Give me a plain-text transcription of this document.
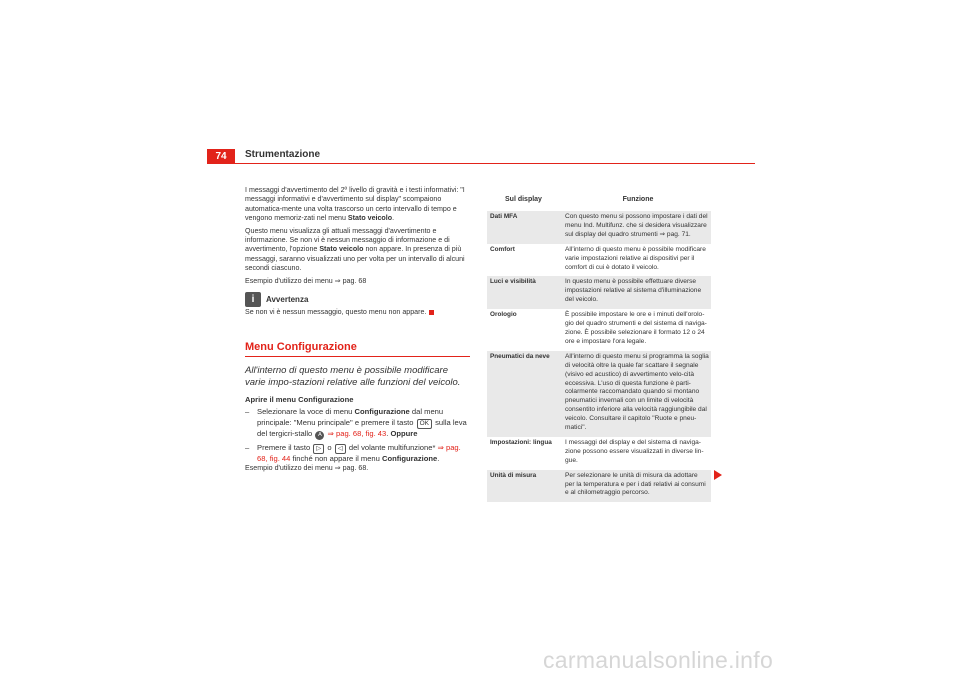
74	Strumentazione

I messaggi d'avvertimento del 2º livello di gravità e i testi informativi: "I messaggi informativi e d'avvertimento sul display" scompaiono automatica-mente una volta trascorso un certo intervallo di tempo e vengono memoriz-zati nel menu Stato veicolo.

Questo menu visualizza gli attuali messaggi d'avvertimento e informazione. Se non vi è nessun messaggio di informazione e di avvertimento, l'opzione Stato veicolo non appare. In presenza di più messaggi, saranno visualizzati uno per volta per un intervallo di alcuni secondi ciascuno.

Esempio d'utilizzo dei menu ⇒ pag. 68

i	Avvertenza

Se non vi è nessun messaggio, questo menu non appare.

Menu Configurazione
All'interno di questo menu è possibile modificare varie impo-stazioni relative alle funzioni del veicolo.
Aprire il menu Configurazione
–	Selezionare la voce di menu Configurazione dal menu principale: "Menu principale" e premere il tasto OK sulla leva del tergicri-stallo A ⇒ pag. 68, fig. 43. Oppure
–	Premere il tasto ▷ o ◁ del volante multifunzione* ⇒ pag. 68, fig. 44 finché non appare il menu Configurazione.

Esempio d'utilizzo dei menu ⇒ pag. 68.

Sul display	Funzione
Dati MFA	Con questo menu si possono impostare i dati del menu Ind. Multifunz. che si desidera visualizzare sul display del quadro strumenti ⇒ pag. 71.
Comfort	All'interno di questo menu è possibile modificare varie impostazioni relative ai dispositivi per il comfort di cui è dotato il veicolo.
Luci e visibilità	In questo menu è possibile effettuare diverse impostazioni relative al sistema d'illuminazione del veicolo.
Orologio	È possibile impostare le ore e i minuti dell'orolo-gio del quadro strumenti e del sistema di naviga-zione. È possibile selezionare il formato 12 o 24 ore e impostare l'ora legale.
Pneumatici da neve	All'interno di questo menu si programma la soglia di velocità oltre la quale far scattare il segnale (visivo ed acustico) di avvertimento velo-cità eccessiva. L'uso di questa funzione è parti-colarmente raccomandato quando si montano pneumatici invernali con un limite di velocità consentito inferiore alla velocità raggiungibile dal veicolo. Consultare il capitolo "Ruote e pneu-matici".
Impostazioni: lingua	I messaggi del display e del sistema di naviga-zione possono essere visualizzati in diverse lin-gue.
Unità di misura	Per selezionare le unità di misura da adottare per la temperatura e per i dati relativi ai consumi e al chilometraggio percorso.
carmanualsonline.info
